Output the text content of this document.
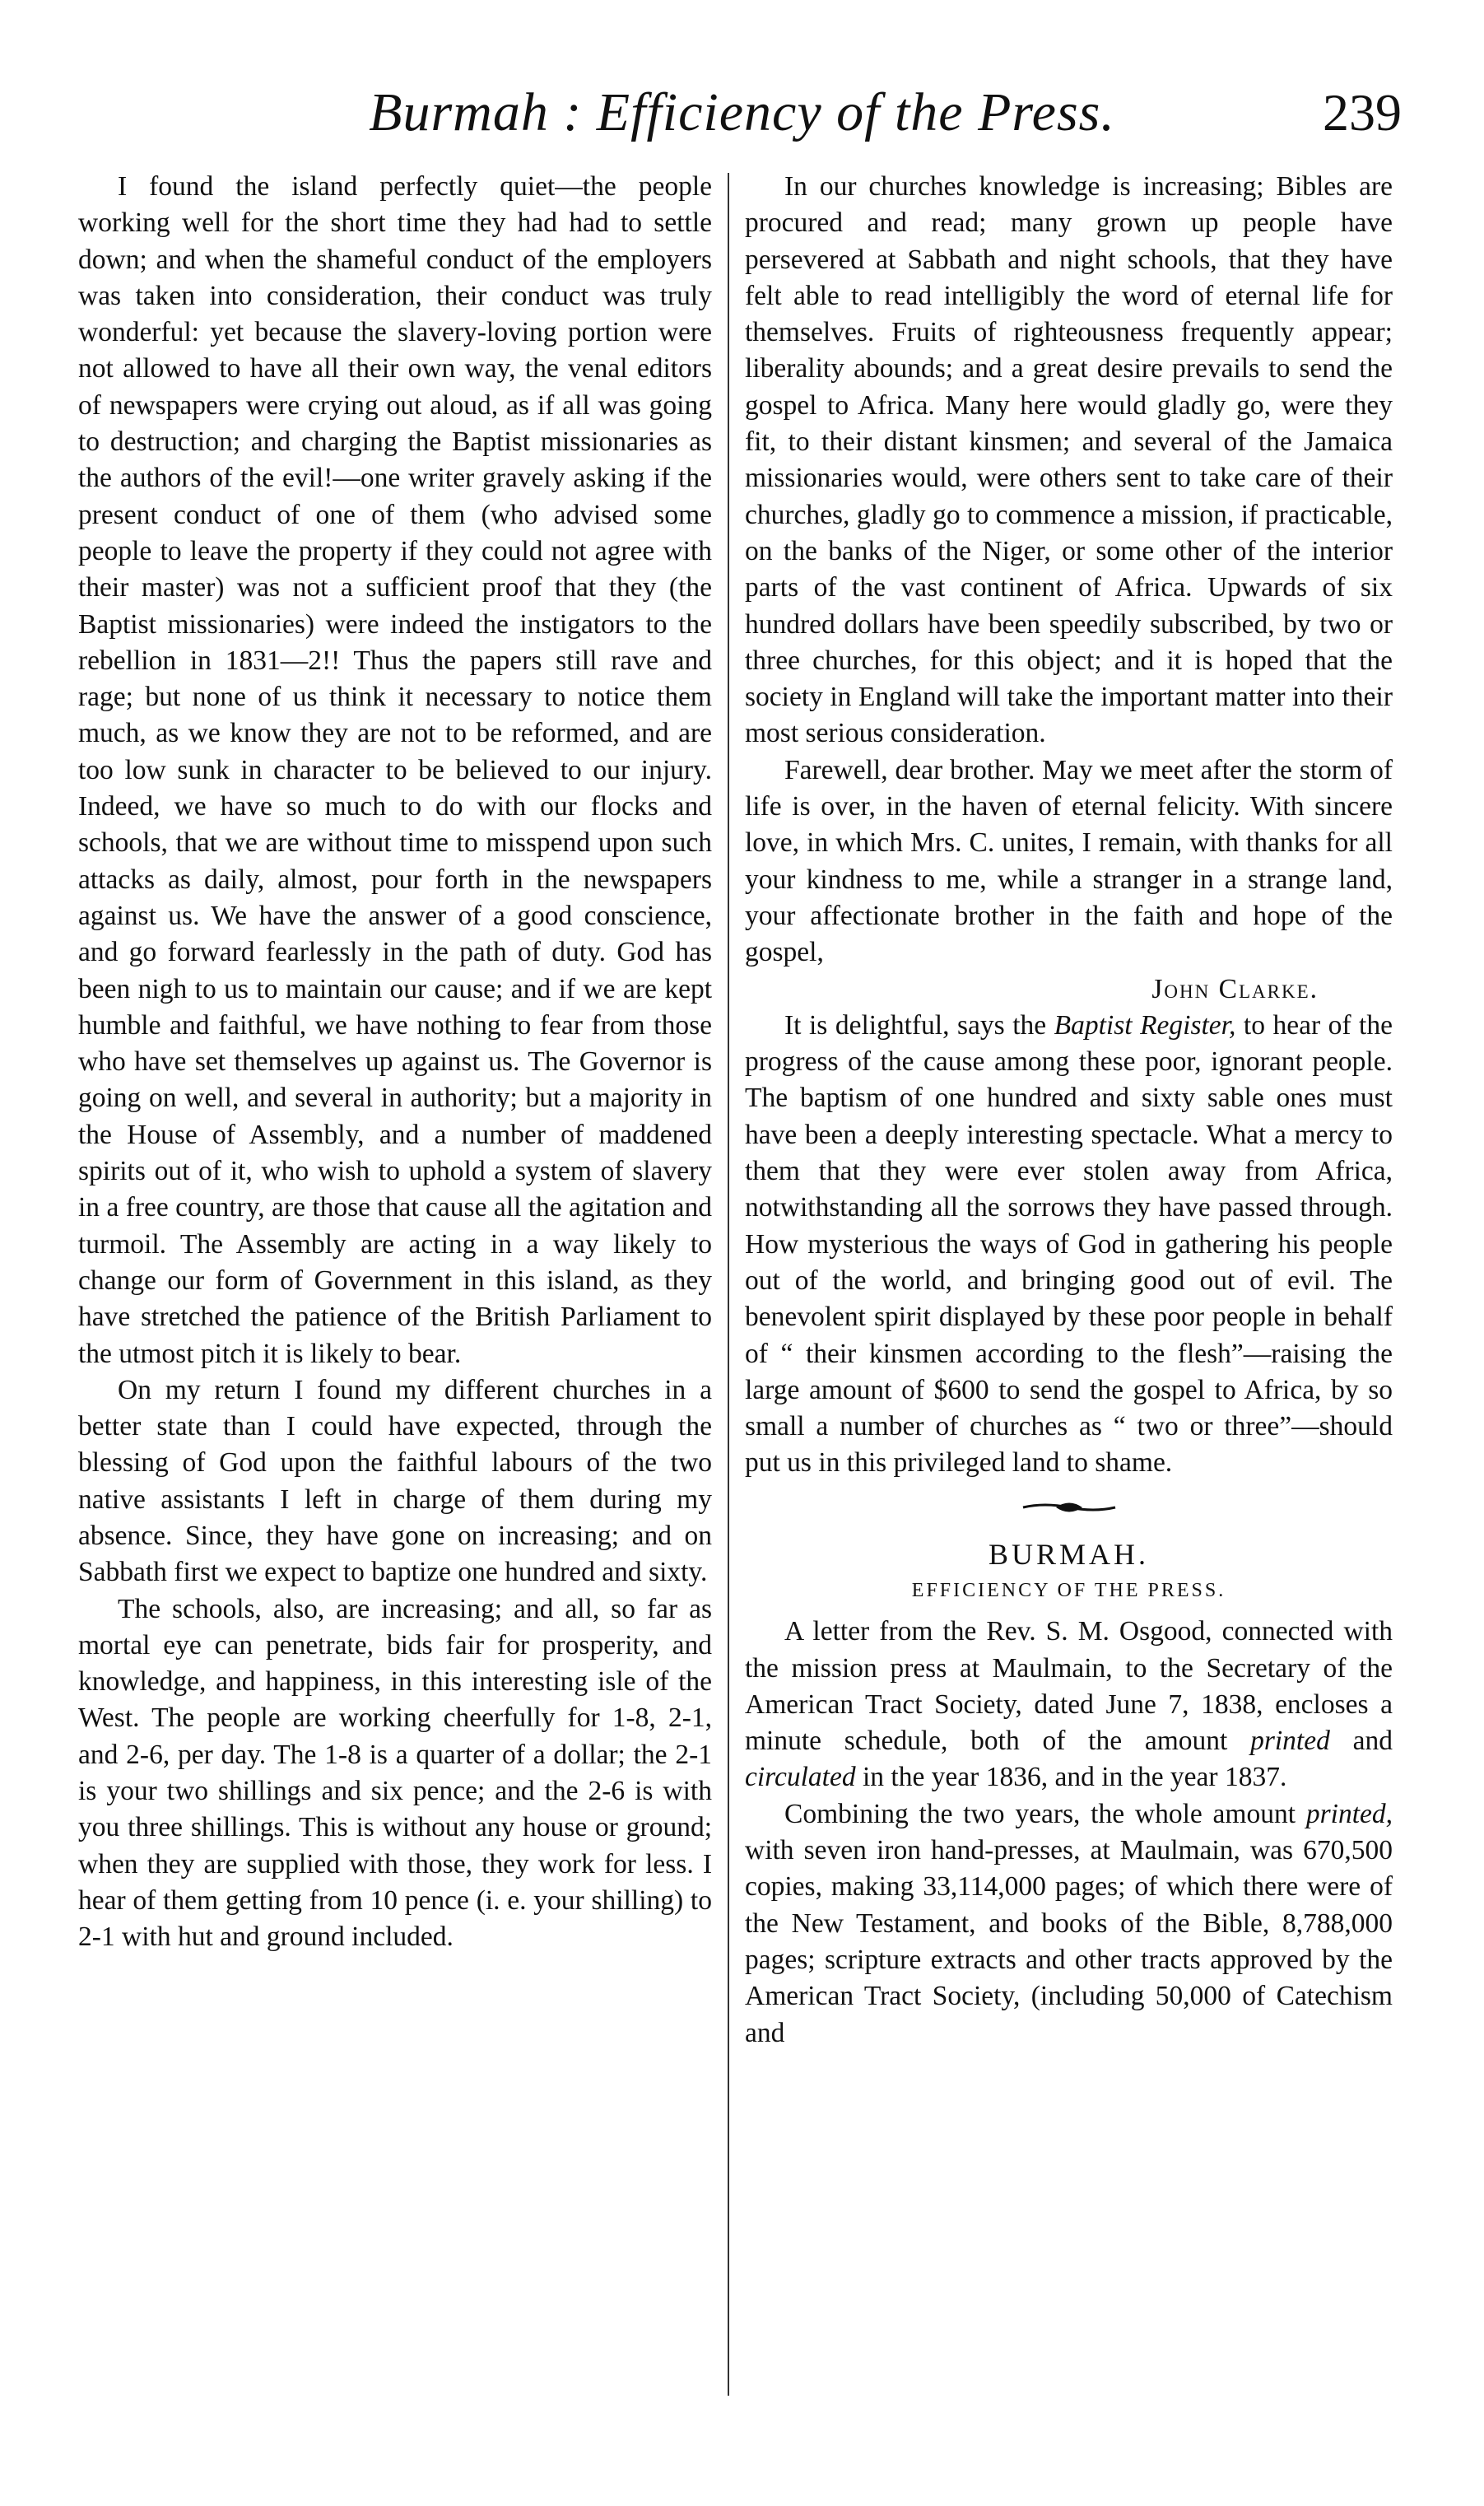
Burmah : Efficiency of the Press.	239

I found the island perfectly quiet—the people working well for the short time they had had to settle down; and when the shameful conduct of the employers was taken into consideration, their conduct was truly wonderful: yet because the slavery-loving portion were not allowed to have all their own way, the venal editors of newspapers were crying out aloud, as if all was going to destruction; and charging the Baptist missionaries as the authors of the evil!—one writer gravely asking if the present conduct of one of them (who advised some people to leave the property if they could not agree with their master) was not a sufficient proof that they (the Baptist missionaries) were indeed the instigators to the rebellion in 1831—2!! Thus the papers still rave and rage; but none of us think it necessary to notice them much, as we know they are not to be reformed, and are too low sunk in character to be believed to our injury. Indeed, we have so much to do with our flocks and schools, that we are without time to misspend upon such attacks as daily, almost, pour forth in the newspapers against us. We have the answer of a good conscience, and go forward fearlessly in the path of duty. God has been nigh to us to maintain our cause; and if we are kept humble and faithful, we have nothing to fear from those who have set themselves up against us. The Governor is going on well, and several in authority; but a majority in the House of Assembly, and a number of maddened spirits out of it, who wish to uphold a system of slavery in a free country, are those that cause all the agitation and turmoil. The Assembly are acting in a way likely to change our form of Government in this island, as they have stretched the patience of the British Parliament to the utmost pitch it is likely to bear.

On my return I found my different churches in a better state than I could have expected, through the blessing of God upon the faithful labours of the two native assistants I left in charge of them during my absence. Since, they have gone on increasing; and on Sabbath first we expect to baptize one hundred and sixty.

The schools, also, are increasing; and all, so far as mortal eye can penetrate, bids fair for prosperity, and knowledge, and happiness, in this interesting isle of the West. The people are working cheerfully for 1-8, 2-1, and 2-6, per day. The 1-8 is a quarter of a dollar; the 2-1 is your two shillings and six pence; and the 2-6 is with you three shillings. This is without any house or ground; when they are supplied with those, they work for less. I hear of them getting from 10 pence (i. e. your shilling) to 2-1 with hut and ground included.

In our churches knowledge is increasing; Bibles are procured and read; many grown up people have persevered at Sabbath and night schools, that they have felt able to read intelligibly the word of eternal life for themselves. Fruits of righteousness frequently appear; liberality abounds; and a great desire prevails to send the gospel to Africa. Many here would gladly go, were they fit, to their distant kinsmen; and several of the Jamaica missionaries would, were others sent to take care of their churches, gladly go to commence a mission, if practicable, on the banks of the Niger, or some other of the interior parts of the vast continent of Africa. Upwards of six hundred dollars have been speedily subscribed, by two or three churches, for this object; and it is hoped that the society in England will take the important matter into their most serious consideration.

Farewell, dear brother. May we meet after the storm of life is over, in the haven of eternal felicity. With sincere love, in which Mrs. C. unites, I remain, with thanks for all your kindness to me, while a stranger in a strange land, your affectionate brother in the faith and hope of the gospel,

John Clarke.

It is delightful, says the Baptist Register, to hear of the progress of the cause among these poor, ignorant people. The baptism of one hundred and sixty sable ones must have been a deeply interesting spectacle. What a mercy to them that they were ever stolen away from Africa, notwithstanding all the sorrows they have passed through. How mysterious the ways of God in gathering his people out of the world, and bringing good out of evil. The benevolent spirit displayed by these poor people in behalf of “ their kinsmen according to the flesh”—raising the large amount of $600 to send the gospel to Africa, by so small a number of churches as “ two or three”—should put us in this privileged land to shame.

BURMAH.
EFFICIENCY OF THE PRESS.

A letter from the Rev. S. M. Osgood, connected with the mission press at Maulmain, to the Secretary of the American Tract Society, dated June 7, 1838, encloses a minute schedule, both of the amount printed and circulated in the year 1836, and in the year 1837.

Combining the two years, the whole amount printed, with seven iron hand-presses, at Maulmain, was 670,500 copies, making 33,114,000 pages; of which there were of the New Testament, and books of the Bible, 8,788,000 pages; scripture extracts and other tracts approved by the American Tract Society, (including 50,000 of Catechism and
